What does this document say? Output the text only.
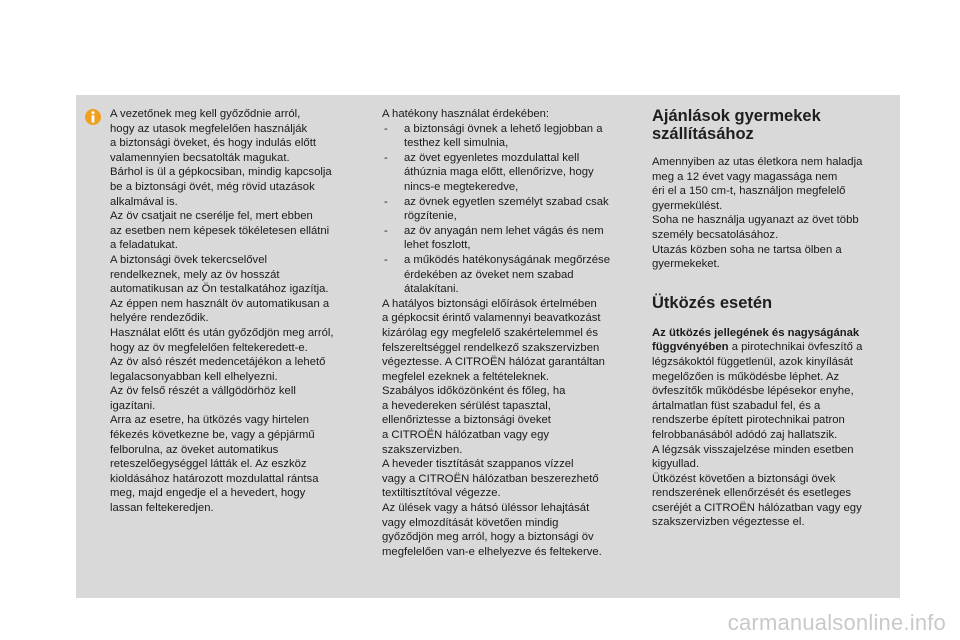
A vezetőnek meg kell győződnie arról,
hogy az utasok megfelelően használják
a biztonsági öveket, és hogy indulás előtt
valamennyien becsatolták magukat.
Bárhol is ül a gépkocsiban, mindig kapcsolja
be a biztonsági övét, még rövid utazások
alkalmával is.
Az öv csatjait ne cserélje fel, mert ebben
az esetben nem képesek tökéletesen ellátni
a feladatukat.
A biztonsági övek tekercselővel
rendelkeznek, mely az öv hosszát
automatikusan az Ön testalkatához igazítja.
Az éppen nem használt öv automatikusan a
helyére rendeződik.
Használat előtt és után győződjön meg arról,
hogy az öv megfelelően feltekeredett-e.
Az öv alsó részét medencetájékon a lehető
legalacsonyabban kell elhelyezni.
Az öv felső részét a vállgödörhöz kell
igazítani.
Arra az esetre, ha ütközés vagy hirtelen
fékezés következne be, vagy a gépjármű
felborulna, az öveket automatikus
reteszelőegységgel látták el. Az eszköz
kioldásához határozott mozdulattal rántsa
meg, majd engedje el a hevedert, hogy
lassan feltekeredjen.
A hatékony használat érdekében:
-	a biztonsági övnek a lehető legjobban a
testhez kell simulnia,
-	az övet egyenletes mozdulattal kell
áthúznia maga előtt, ellenőrizve, hogy
nincs-e megtekeredve,
-	az övnek egyetlen személyt szabad csak
rögzítenie,
-	az öv anyagán nem lehet vágás és nem
lehet foszlott,
-	a működés hatékonyságának megőrzése
érdekében az öveket nem szabad
átalakítani.
A hatályos biztonsági előírások értelmében
a gépkocsit érintő valamennyi beavatkozást
kizárólag egy megfelelő szakértelemmel és
felszereltséggel rendelkező szakszervizben
végeztesse. A CITROËN hálózat garantáltan
megfelel ezeknek a feltételeknek.
Szabályos időközönként és főleg, ha
a hevedereken sérülést tapasztal,
ellenőriztesse a biztonsági öveket
a CITROËN hálózatban vagy egy
szakszervizben.
A heveder tisztítását szappanos vízzel
vagy a CITROËN hálózatban beszerezhető
textiltisztítóval végezze.
Az ülések vagy a hátsó üléssor lehajtását
vagy elmozdítását követően mindig
győződjön meg arról, hogy a biztonsági öv
megfelelően van-e elhelyezve és feltekerve.
Ajánlások gyermekek
szállításához
Amennyiben az utas életkora nem haladja
meg a 12 évet vagy magassága nem
éri el a 150 cm-t, használjon megfelelő
gyermekülést.
Soha ne használja ugyanazt az övet több
személy becsatolásához.
Utazás közben soha ne tartsa ölben a
gyermekeket.
Ütközés esetén
Az ütközés jellegének és nagyságának
függvényében a pirotechnikai övfeszítő a
légzsákoktól függetlenül, azok kinyílását
megelőzően is működésbe léphet. Az
övfeszítők működésbe lépésekor enyhe,
ártalmatlan füst szabadul fel, és a
rendszerbe épített pirotechnikai patron
felrobbanásából adódó zaj hallatszik.
A légzsák visszajelzése minden esetben
kigyullad.
Ütközést követően a biztonsági övek
rendszerének ellenőrzését és esetleges
cseréjét a CITROËN hálózatban vagy egy
szakszervizben végeztesse el.
carmanualsonline.info
